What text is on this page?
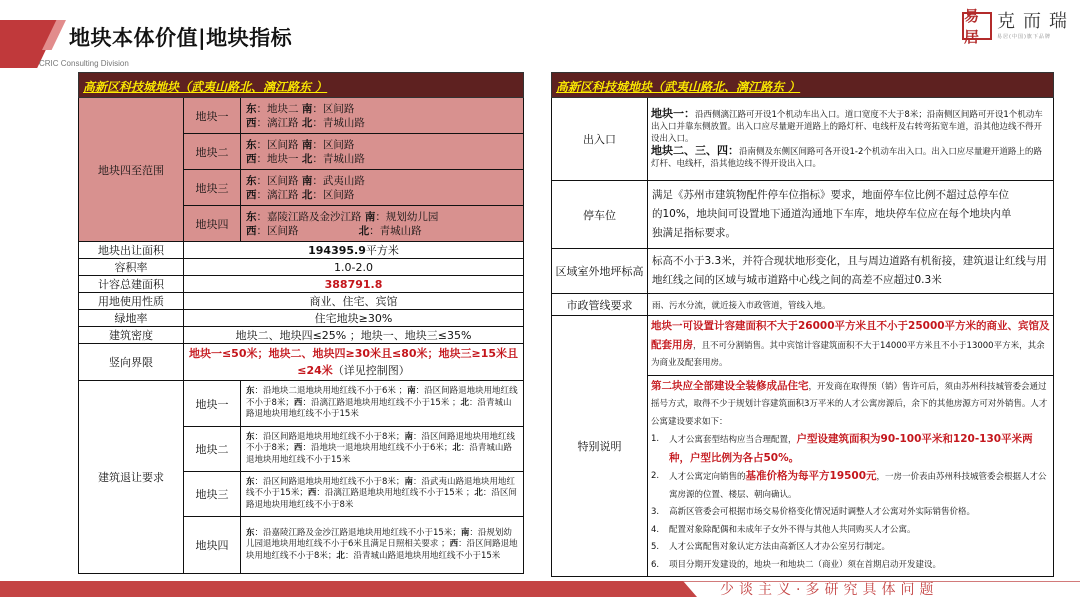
地块本体价值|地块指标
CRIC Consulting Division
易居
克而瑞
易居(中国)旗下品牌
高新区科技城地块（武夷山路北、漓江路东 ）		
地块四至范围	地块一	东：地块二 南：区间路
西：漓江路 北：青城山路

	地块二	东：区间路 南：区间路
西：地块一 北：青城山路

	地块三	东：区间路 南：武夷山路
西：漓江路 北：区间路

	地块四	东：嘉陵江路及金沙江路 南：规划幼儿园
西：区间路                  北：青城山路

地块出让面积	194395.9平方米	
容积率	1.0-2.0	
计容总建面积	388791.8	
用地使用性质	商业、住宅、宾馆	
绿地率	住宅地块≥30%	
建筑密度	地块二、地块四≤25% ；地块一、地块三≤35%	
竖向界限	地块一≤50米；地块二、地块四≥30米且≤80米；地块三≥15米且≤24米（详见控制图）	
建筑退让要求	地块一	东：沿地块二退地块用地红线不小于6米 ；南：沿区间路退地块用地红线不小于8米；西：沿漓江路退地块用地红线不小于15米 ；北：沿青城山路退地块用地红线不小于15米
	地块二	东：沿区间路退地块用地红线不小于8米；南：沿区间路退地块用地红线不小于8米；西：沿地块一退地块用地红线不小于6米；北：沿青城山路退地块用地红线不小于15米
	地块三	东：沿区间路退地块用地红线不小于8米；南：沿武夷山路退地块用地红线不小于15米；西：沿漓江路退地块用地红线不小于15米 ；北：沿区间路退地块用地红线不小于8米
	地块四	东：沿嘉陵江路及金沙江路退地块用地红线不小于15米；南：沿规划幼儿园退地块用地红线不小于6米且满足日照相关要求 ；西：沿区间路退地块用地红线不小于8米；北：沿青城山路退地块用地红线不小于15米
高新区科技城地块（武夷山路北、漓江路东 ）	
出入口	地块一：沿西侧漓江路可开设1个机动车出入口。道口宽度不大于8米；沿南侧区间路可开设1个机动车出入口并靠东侧放置。出入口应尽量避开道路上的路灯杆、电线杆及右转弯拓宽车道，沿其他边线不得开设出入口。
地块二、三、四：沿南侧及东侧区间路可各开设1-2个机动车出入口。出入口应尽量避开道路上的路灯杆、电线杆，沿其他边线不得开设出入口。
停车位	满足《苏州市建筑物配件停车位指标》要求，地面停车位比例不超过总停车位的10%，地块间可设置地下通道沟通地下车库，地块停车位应在每个地块内单独满足指标要求。
区域室外地坪标高	标高不小于3.3米，并符合现状地形变化，且与周边道路有机衔接，建筑退让红线与用地红线之间的区域与城市道路中心线之间的高差不应超过0.3米
市政管线要求	雨、污水分流，就近接入市政管道，管线入地。
特别说明	地块一可设置计容建面积不大于26000平方米且不小于25000平方米的商业、宾馆及配套用房，且不可分割销售。其中宾馆计容建筑面积不大于14000平方米且不小于13000平方米，其余为商业及配套用房。

第二块应全部建设全装修成品住宅，开发商在取得预（销）售许可后，须由苏州科技城管委会通过摇号方式，取得不少于规划计容建筑面积3万平米的人才公寓房源后，余下的其他房源方可对外销售。人才公寓建设要求如下：
1.	人才公寓套型结构应当合理配置，户型设建筑面积为90-100平米和120-130平米两种，户型比例为各占50%。
2.	人才公寓定向销售的基准价格为每平方19500元，一房一价表由苏州科技城管委会根据人才公寓房源的位置、楼层、朝向确认。
3.	高新区管委会可根据市场交易价格变化情况适时调整人才公寓对外实际销售价格。
4.	配置对象除配偶和未成年子女外不得与其他人共同购买人才公寓。
5.	人才公寓配售对象认定方法由高新区人才办公室另行制定。
6.	项目分期开发建设的，地块一和地块二（商业）须在首期启动开发建设。
少谈主义·多研究具体问题
